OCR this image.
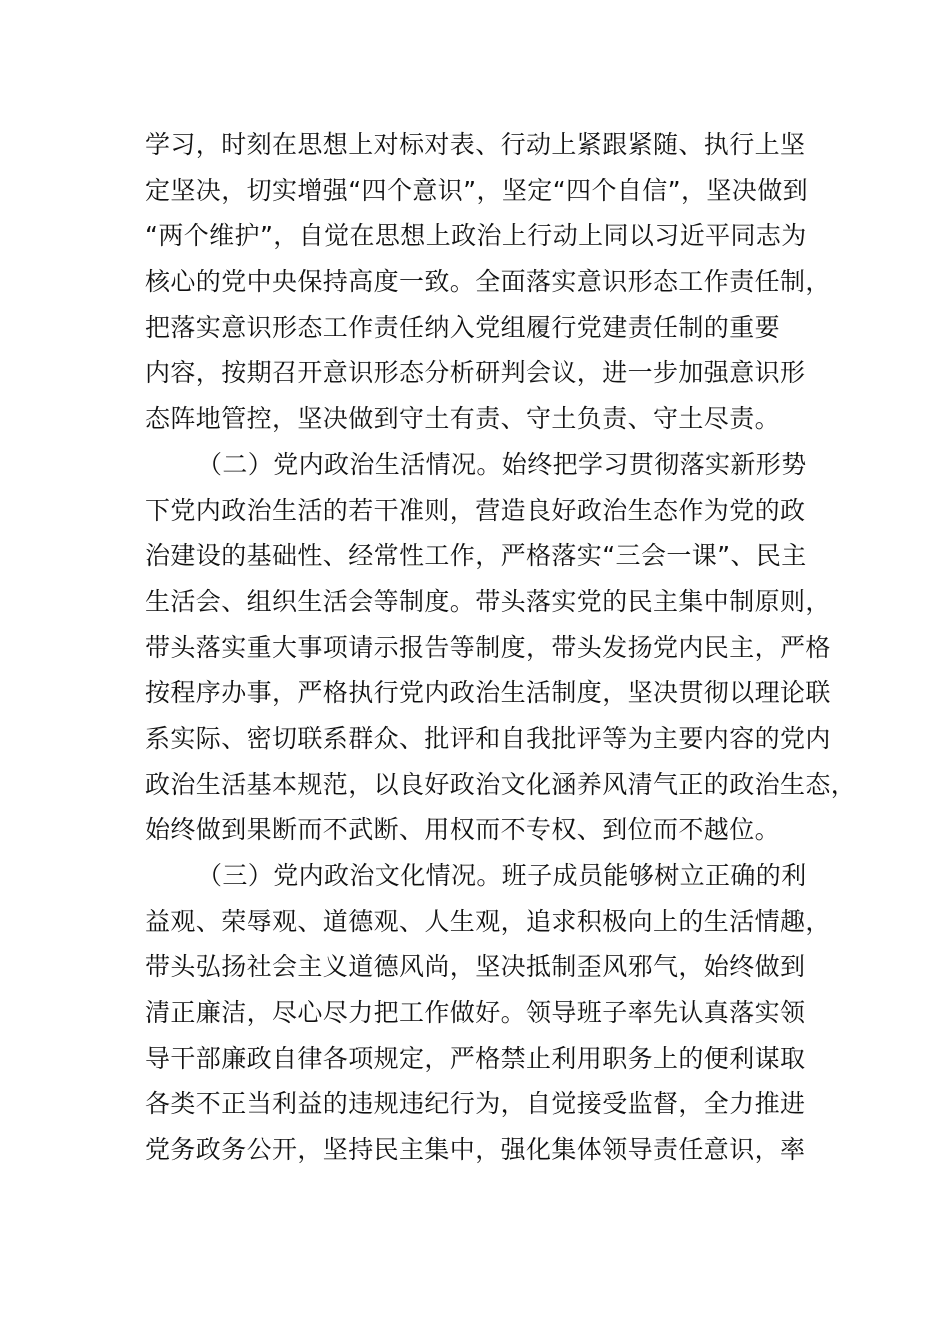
学习，时刻在思想上对标对表、行动上紧跟紧随、执行上坚
定坚决，切实增强“四个意识”，坚定“四个自信”，坚决做到
“两个维护”，自觉在思想上政治上行动上同以习近平同志为
核心的党中央保持高度一致。全面落实意识形态工作责任制，
把落实意识形态工作责任纳入党组履行党建责任制的重要
内容，按期召开意识形态分析研判会议，进一步加强意识形
态阵地管控，坚决做到守土有责、守土负责、守土尽责。
（二）党内政治生活情况。始终把学习贯彻落实新形势
下党内政治生活的若干准则，营造良好政治生态作为党的政
治建设的基础性、经常性工作，严格落实“三会一课”、民主
生活会、组织生活会等制度。带头落实党的民主集中制原则，
带头落实重大事项请示报告等制度，带头发扬党内民主，严格
按程序办事，严格执行党内政治生活制度，坚决贯彻以理论联
系实际、密切联系群众、批评和自我批评等为主要内容的党内
政治生活基本规范，以良好政治文化涵养风清气正的政治生态，
始终做到果断而不武断、用权而不专权、到位而不越位。
（三）党内政治文化情况。班子成员能够树立正确的利
益观、荣辱观、道德观、人生观，追求积极向上的生活情趣，
带头弘扬社会主义道德风尚，坚决抵制歪风邪气，始终做到
清正廉洁，尽心尽力把工作做好。领导班子率先认真落实领
导干部廉政自律各项规定，严格禁止利用职务上的便利谋取
各类不正当利益的违规违纪行为，自觉接受监督，全力推进
党务政务公开，坚持民主集中，强化集体领导责任意识，率
